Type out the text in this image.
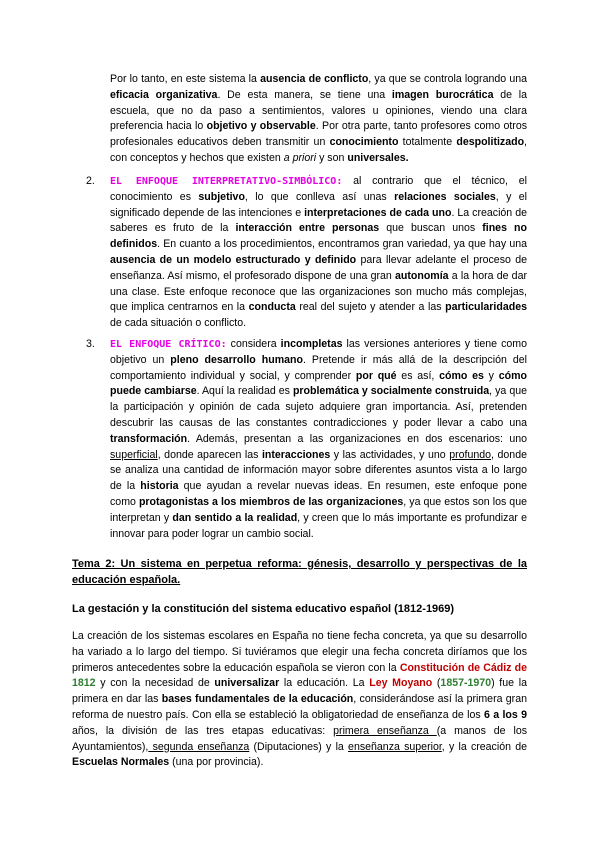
Por lo tanto, en este sistema la ausencia de conflicto, ya que se controla logrando una eficacia organizativa. De esta manera, se tiene una imagen burocrática de la escuela, que no da paso a sentimientos, valores u opiniones, viendo una clara preferencia hacia lo objetivo y observable. Por otra parte, tanto profesores como otros profesionales educativos deben transmitir un conocimiento totalmente despolitizado, con conceptos y hechos que existen a priori y son universales.

2.	EL ENFOQUE INTERPRETATIVO-SIMBÓLICO: al contrario que el técnico, el conocimiento es subjetivo, lo que conlleva así unas relaciones sociales, y el significado depende de las intenciones e interpretaciones de cada uno. La creación de saberes es fruto de la interacción entre personas que buscan unos fines no definidos. En cuanto a los procedimientos, encontramos gran variedad, ya que hay una ausencia de un modelo estructurado y definido para llevar adelante el proceso de enseñanza. Así mismo, el profesorado dispone de una gran autonomía a la hora de dar una clase. Este enfoque reconoce que las organizaciones son mucho más complejas, que implica centrarnos en la conducta real del sujeto y atender a las particularidades de cada situación o conflicto.

3.	EL ENFOQUE CRÍTICO: considera incompletas las versiones anteriores y tiene como objetivo un pleno desarrollo humano. Pretende ir más allá de la descripción del comportamiento individual y social, y comprender por qué es así, cómo es y cómo puede cambiarse. Aquí la realidad es problemática y socialmente construida, ya que la participación y opinión de cada sujeto adquiere gran importancia. Así, pretenden descubrir las causas de las constantes contradicciones y poder llevar a cabo una transformación. Además, presentan a las organizaciones en dos escenarios: uno superficial, donde aparecen las interacciones y las actividades, y uno profundo, donde se analiza una cantidad de información mayor sobre diferentes asuntos vista a lo largo de la historia que ayudan a revelar nuevas ideas. En resumen, este enfoque pone como protagonistas a los miembros de las organizaciones, ya que estos son los que interpretan y dan sentido a la realidad, y creen que lo más importante es profundizar e innovar para poder lograr un cambio social.

Tema 2: Un sistema en perpetua reforma: génesis, desarrollo y perspectivas de la educación española.

La gestación y la constitución del sistema educativo español (1812-1969)

La creación de los sistemas escolares en España no tiene fecha concreta, ya que su desarrollo ha variado a lo largo del tiempo. Si tuviéramos que elegir una fecha concreta diríamos que los primeros antecedentes sobre la educación española se vieron con la Constitución de Cádiz de 1812 y con la necesidad de universalizar la educación. La Ley Moyano (1857-1970) fue la primera en dar las bases fundamentales de la educación, considerándose así la primera gran reforma de nuestro país. Con ella se estableció la obligatoriedad de enseñanza de los 6 a los 9 años, la división de las tres etapas educativas: primera enseñanza (a manos de los Ayuntamientos), segunda enseñanza (Diputaciones) y la enseñanza superior, y la creación de Escuelas Normales (una por provincia).
